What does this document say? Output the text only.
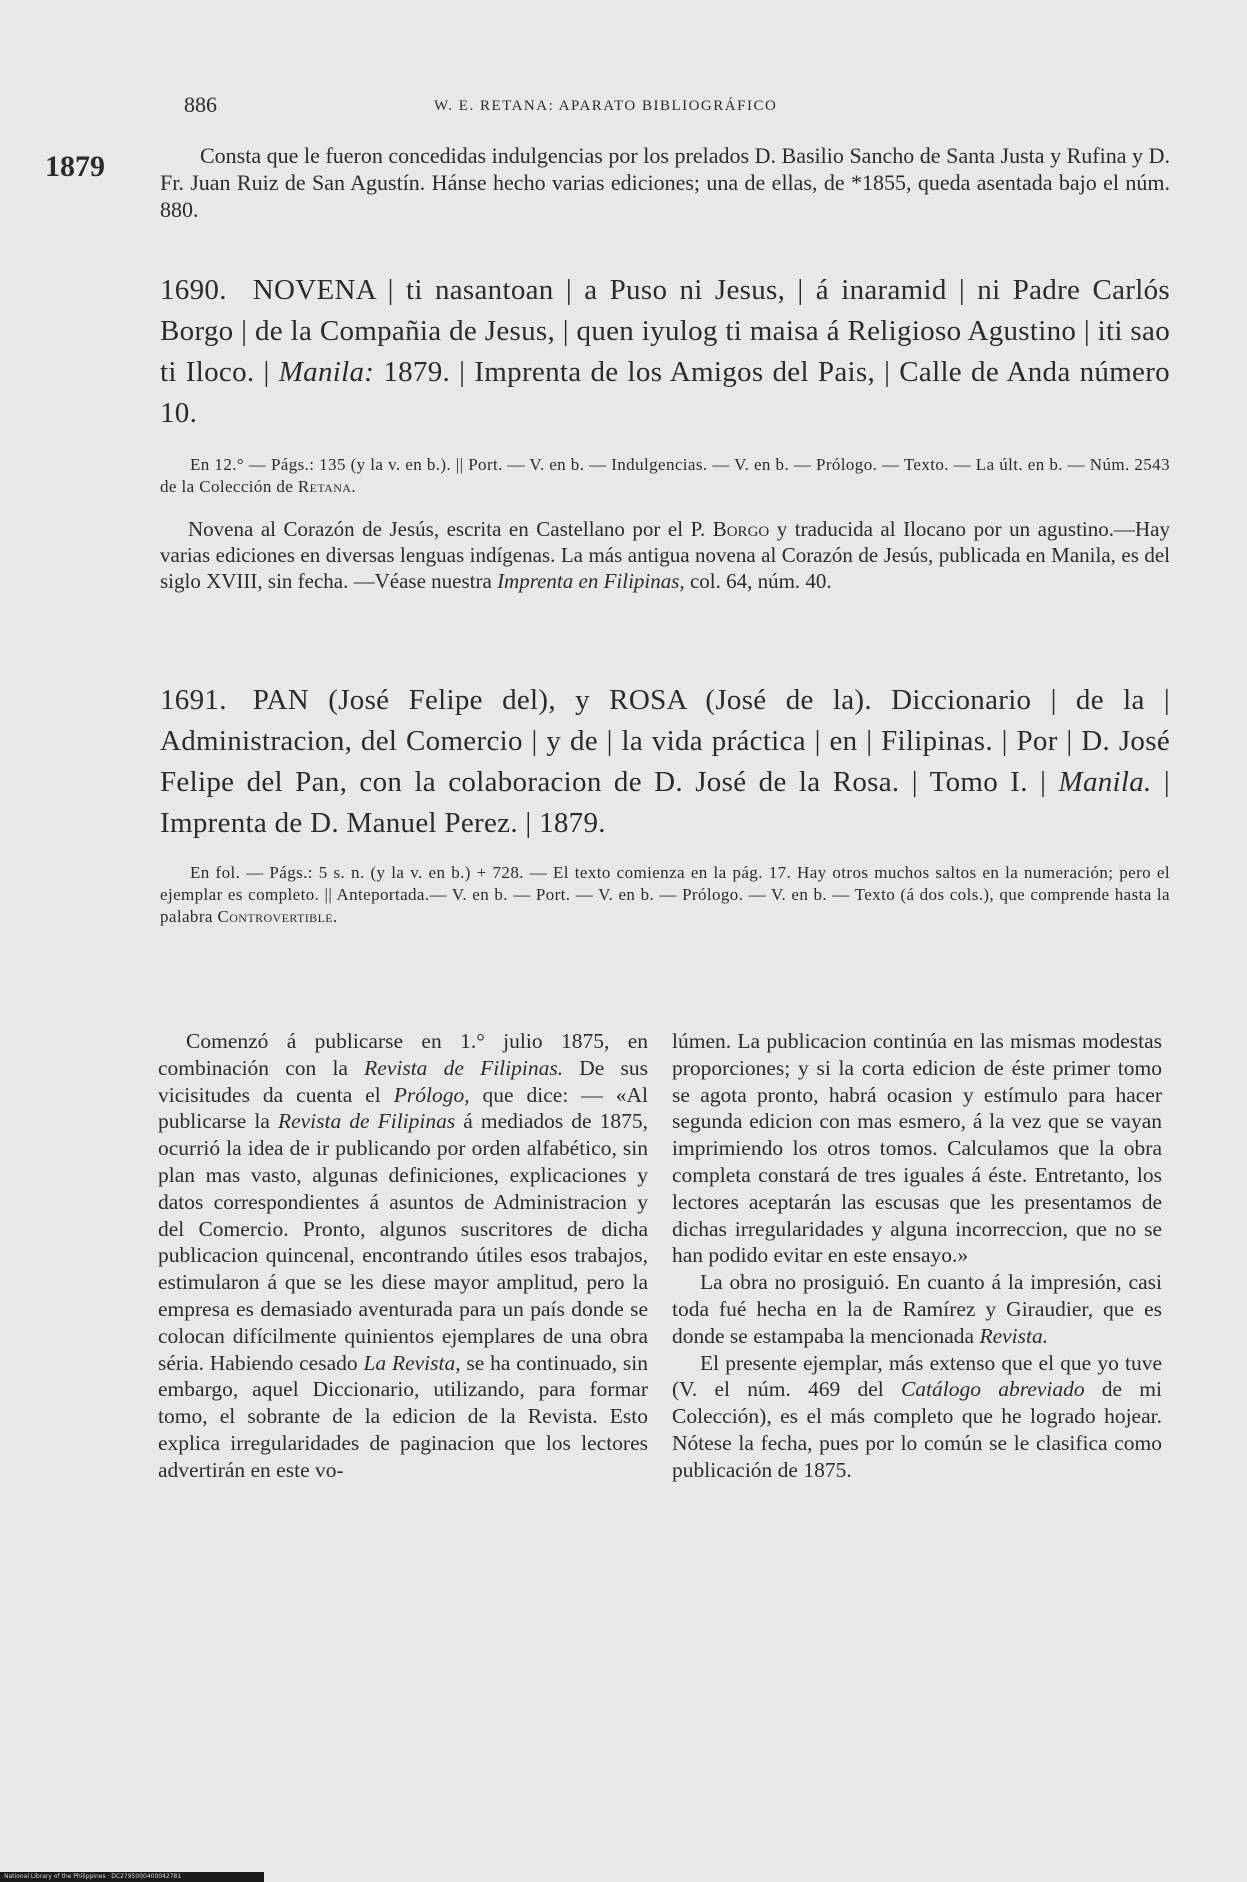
886	W. E. RETANA: APARATO BIBLIOGRÁFICO
1879	Consta que le fueron concedidas indulgencias por los prelados D. Basilio Sancho de Santa Justa y Rufina y D. Fr. Juan Ruiz de San Agustín. Hánse hecho varias ediciones; una de ellas, de *1855, queda asentada bajo el núm. 880.

1690. NOVENA | ti nasantoan | a Puso ni Jesus, | á inaramid | ni Padre Carlós Borgo | de la Compañia de Jesus, | quen iyulog ti maisa á Religioso Agustino | iti sao ti Iloco. | Manila: 1879. | Imprenta de los Amigos del Pais, | Calle de Anda número 10.

En 12.° — Págs.: 135 (y la v. en b.). || Port. — V. en b. — Indulgencias. — V. en b. — Prólogo. — Texto. — La últ. en b. — Núm. 2543 de la Colección de Retana.

Novena al Corazón de Jesús, escrita en Castellano por el P. Borgo y traducida al Ilocano por un agustino.—Hay varias ediciones en diversas lenguas indígenas. La más antigua novena al Corazón de Jesús, publicada en Manila, es del siglo XVIII, sin fecha. —Véase nuestra Imprenta en Filipinas, col. 64, núm. 40.

1691. PAN (José Felipe del), y ROSA (José de la). Diccionario | de la | Administracion, del Comercio | y de | la vida práctica | en | Filipinas. | Por | D. José Felipe del Pan, con la colaboracion de D. José de la Rosa. | Tomo I. | Manila. | Imprenta de D. Manuel Perez. | 1879.

En fol. — Págs.: 5 s. n. (y la v. en b.) + 728. — El texto comienza en la pág. 17. Hay otros muchos saltos en la numeración; pero el ejemplar es completo. || Anteportada.— V. en b. — Port. — V. en b. — Prólogo. — V. en b. — Texto (á dos cols.), que comprende hasta la palabra Controvertible.

Comenzó á publicarse en 1.° julio 1875, en combinación con la Revista de Filipinas. De sus vicisitudes da cuenta el Prólogo, que dice: — «Al publicarse la Revista de Filipinas á mediados de 1875, ocurrió la idea de ir publicando por orden alfabético, sin plan mas vasto, algunas definiciones, explicaciones y datos correspondientes á asuntos de Administracion y del Comercio. Pronto, algunos suscritores de dicha publicacion quincenal, encontrando útiles esos trabajos, estimularon á que se les diese mayor amplitud, pero la empresa es demasiado aventurada para un país donde se colocan difícilmente quinientos ejemplares de una obra séria. Habiendo cesado La Revista, se ha continuado, sin embargo, aquel Diccionario, utilizando, para formar tomo, el sobrante de la edicion de la Revista. Esto explica irregularidades de paginacion que los lectores advertirán en este vo-

lúmen. La publicacion continúa en las mismas modestas proporciones; y si la corta edicion de éste primer tomo se agota pronto, habrá ocasion y estímulo para hacer segunda edicion con mas esmero, á la vez que se vayan imprimiendo los otros tomos. Calculamos que la obra completa constará de tres iguales á éste. Entretanto, los lectores aceptarán las escusas que les presentamos de dichas irregularidades y alguna incorreccion, que no se han podido evitar en este ensayo.»

La obra no prosiguió. En cuanto á la impresión, casi toda fué hecha en la de Ramírez y Giraudier, que es donde se estampaba la mencionada Revista.

El presente ejemplar, más extenso que el que yo tuve (V. el núm. 469 del Catálogo abreviado de mi Colección), es el más completo que he logrado hojear. Nótese la fecha, pues por lo común se le clasifica como publicación de 1875.

National Library of the Philippines · DC2795000400042781
